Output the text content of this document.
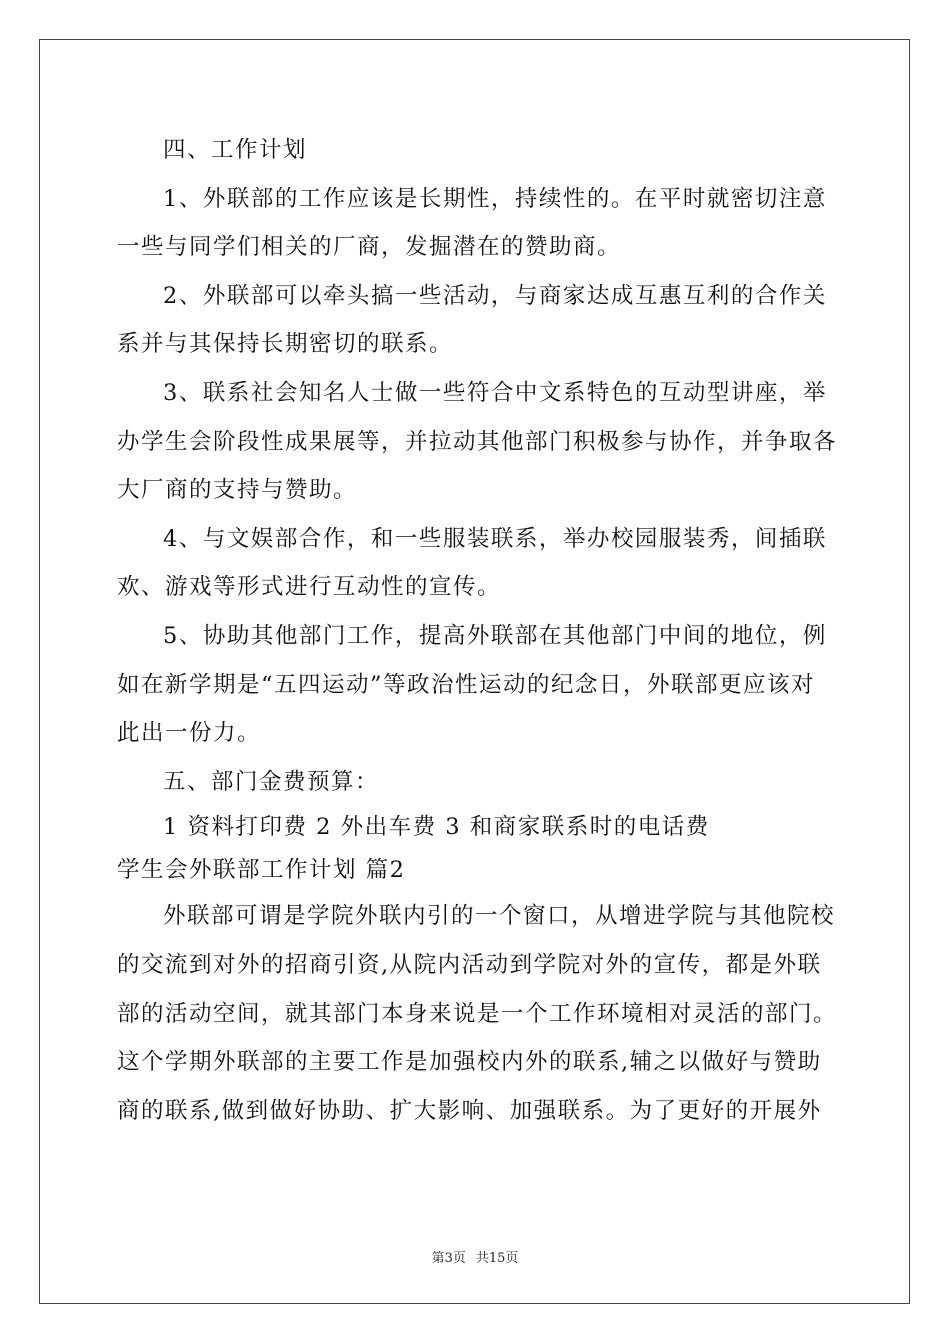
四、工作计划
1、外联部的工作应该是长期性，持续性的。在平时就密切注意
一些与同学们相关的厂商，发掘潜在的赞助商。
2、外联部可以牵头搞一些活动，与商家达成互惠互利的合作关
系并与其保持长期密切的联系。
3、联系社会知名人士做一些符合中文系特色的互动型讲座，举
办学生会阶段性成果展等，并拉动其他部门积极参与协作，并争取各
大厂商的支持与赞助。
4、与文娱部合作，和一些服装联系，举办校园服装秀，间插联
欢、游戏等形式进行互动性的宣传。
5、协助其他部门工作，提高外联部在其他部门中间的地位，例
如在新学期是“五四运动”等政治性运动的纪念日，外联部更应该对
此出一份力。
五、部门金费预算：
1 资料打印费 2 外出车费 3 和商家联系时的电话费
学生会外联部工作计划 篇2
外联部可谓是学院外联内引的一个窗口，从增进学院与其他院校
的交流到对外的招商引资,从院内活动到学院对外的宣传，都是外联
部的活动空间，就其部门本身来说是一个工作环境相对灵活的部门。
这个学期外联部的主要工作是加强校内外的联系,辅之以做好与赞助
商的联系,做到做好协助、扩大影响、加强联系。为了更好的开展外
第3页 共15页
